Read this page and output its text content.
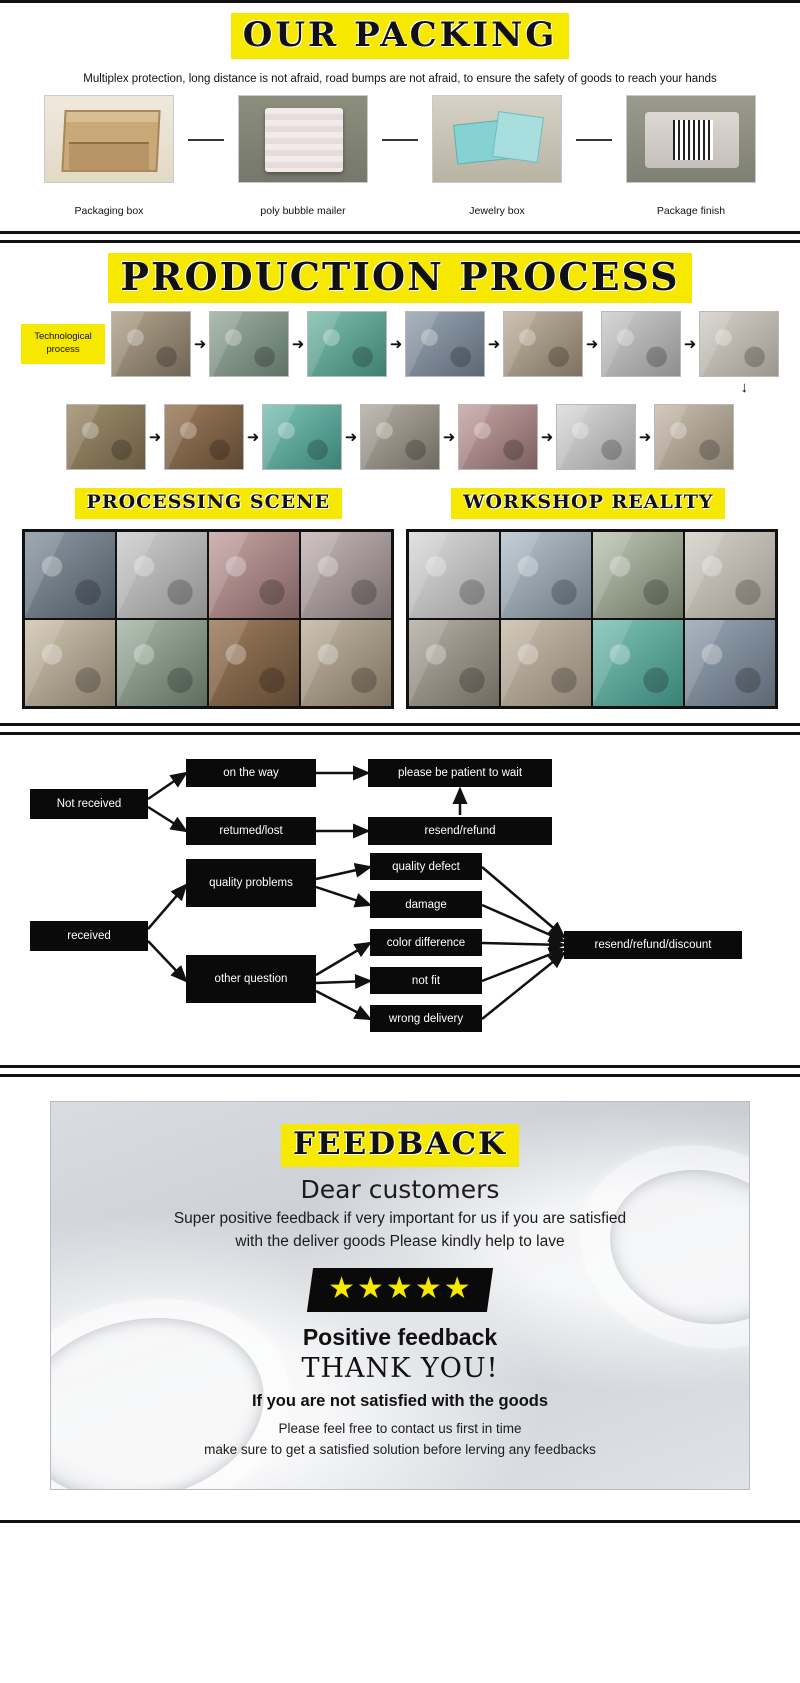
OUR PACKING
Multiplex protection, long distance is not afraid, road bumps are not afraid, to ensure the safety of goods to reach your hands
Packaging box	poly bubble mailer	Jewelry box	Package finish
PRODUCTION PROCESS
Technological process	➜	➜	➜	➜	➜	➜
↓
➜	➜	➜	➜	➜	➜
PROCESSING SCENE	WORKSHOP REALITY
Not received
on the way
retumed/lost
please be patient to wait
resend/refund
received
quality problems
other question
quality defect
damage
color difference
not fit
wrong delivery
resend/refund/discount
FEEDBACK
Dear customers
Super positive feedback if very important for us if you are satisfied
with the deliver goods Please kindly help to lave
★★★★★
Positive feedback
THANK YOU!
If you are not satisfied with the goods
Please feel free to contact us first in time
make sure to get a satisfied solution before lerving any feedbacks
